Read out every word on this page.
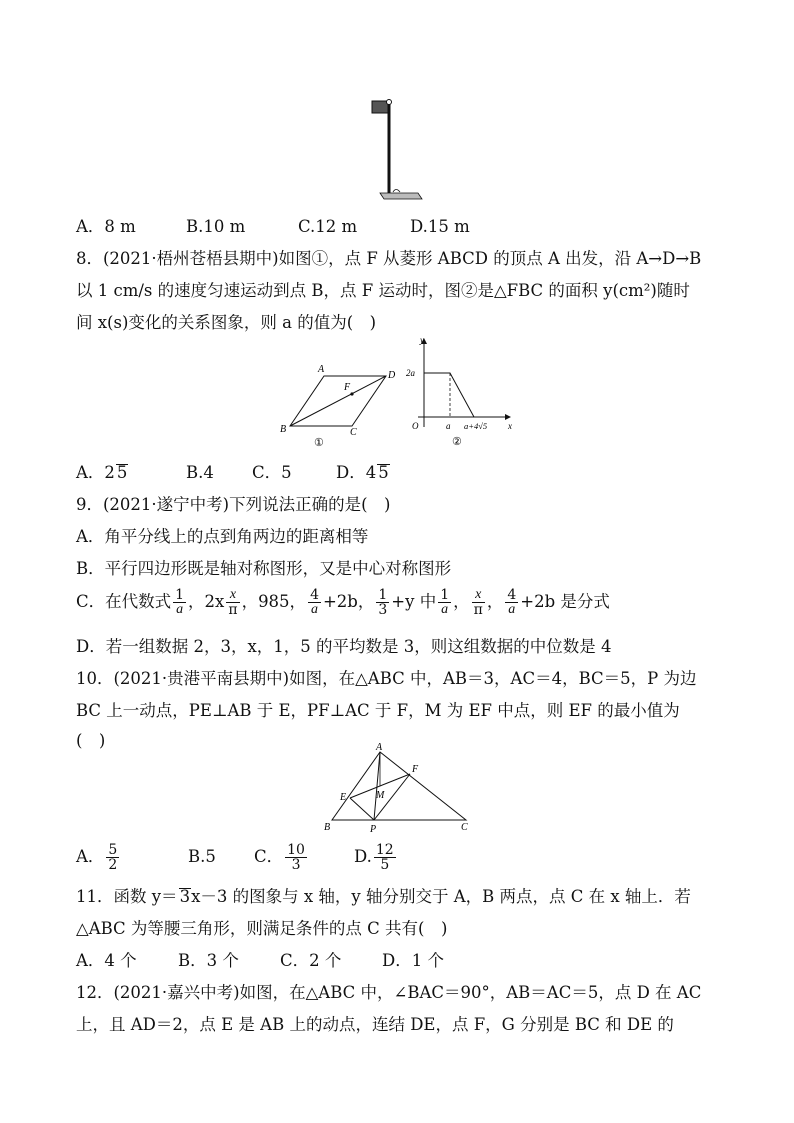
A．8 m	B.10 m	C.12 m	D.15 m
8．(2021·梧州苍梧县期中)如图①，点 F 从菱形 ABCD 的顶点 A 出发，沿 A→D→B
以 1 cm/s 的速度匀速运动到点 B，点 F 运动时，图②是△FBC 的面积 y(cm²)随时
间 x(s)变化的关系图象，则 a 的值为(　)
A
D
F
B	C
①
y
2a
O	a a+4√5 x
②
A．2 5	B.4 C．5	D．4 5
9．(2021·遂宁中考)下列说法正确的是(　)
A．角平分线上的点到角两边的距离相等
B．平行四边形既是轴对称图形，又是中心对称图形
C．在代数式 $\frac{1}{a}$ ，$2x \frac{x}{\pi}$ ，985， $\frac{4}{a} +2b$， $\frac{1}{3} +y$ 中 $\frac{1}{a}$ ， $\frac{x}{\pi}$ ， $\frac{4}{a} +2b$ 是分式
D．若一组数据 2，3，x，1，5 的平均数是 3，则这组数据的中位数是 4
10．(2021·贵港平南县期中)如图，在△ABC 中，AB＝3，AC＝4，BC＝5，P 为边
BC 上一动点，PE⊥AB 于 E，PF⊥AC 于 F，M 为 EF 中点，则 EF 的最小值为
(　)	A
F
E	M
B	P	C
A． $\frac{5}{2}$	B.5 C． $\frac{10}{3}$	D. $\frac{12}{5}$
11．函数 y＝ 3x－3 的图象与 x 轴，y 轴分别交于 A，B 两点，点 C 在 x 轴上．若
△ABC 为等腰三角形，则满足条件的点 C 共有(　)
A．4 个	B．3 个 C．2 个 D．1 个
12．(2021·嘉兴中考)如图，在△ABC 中，∠BAC＝90°，AB＝AC＝5，点 D 在 AC
上，且 AD＝2，点 E 是 AB 上的动点，连结 DE，点 F，G 分别是 BC 和 DE 的
